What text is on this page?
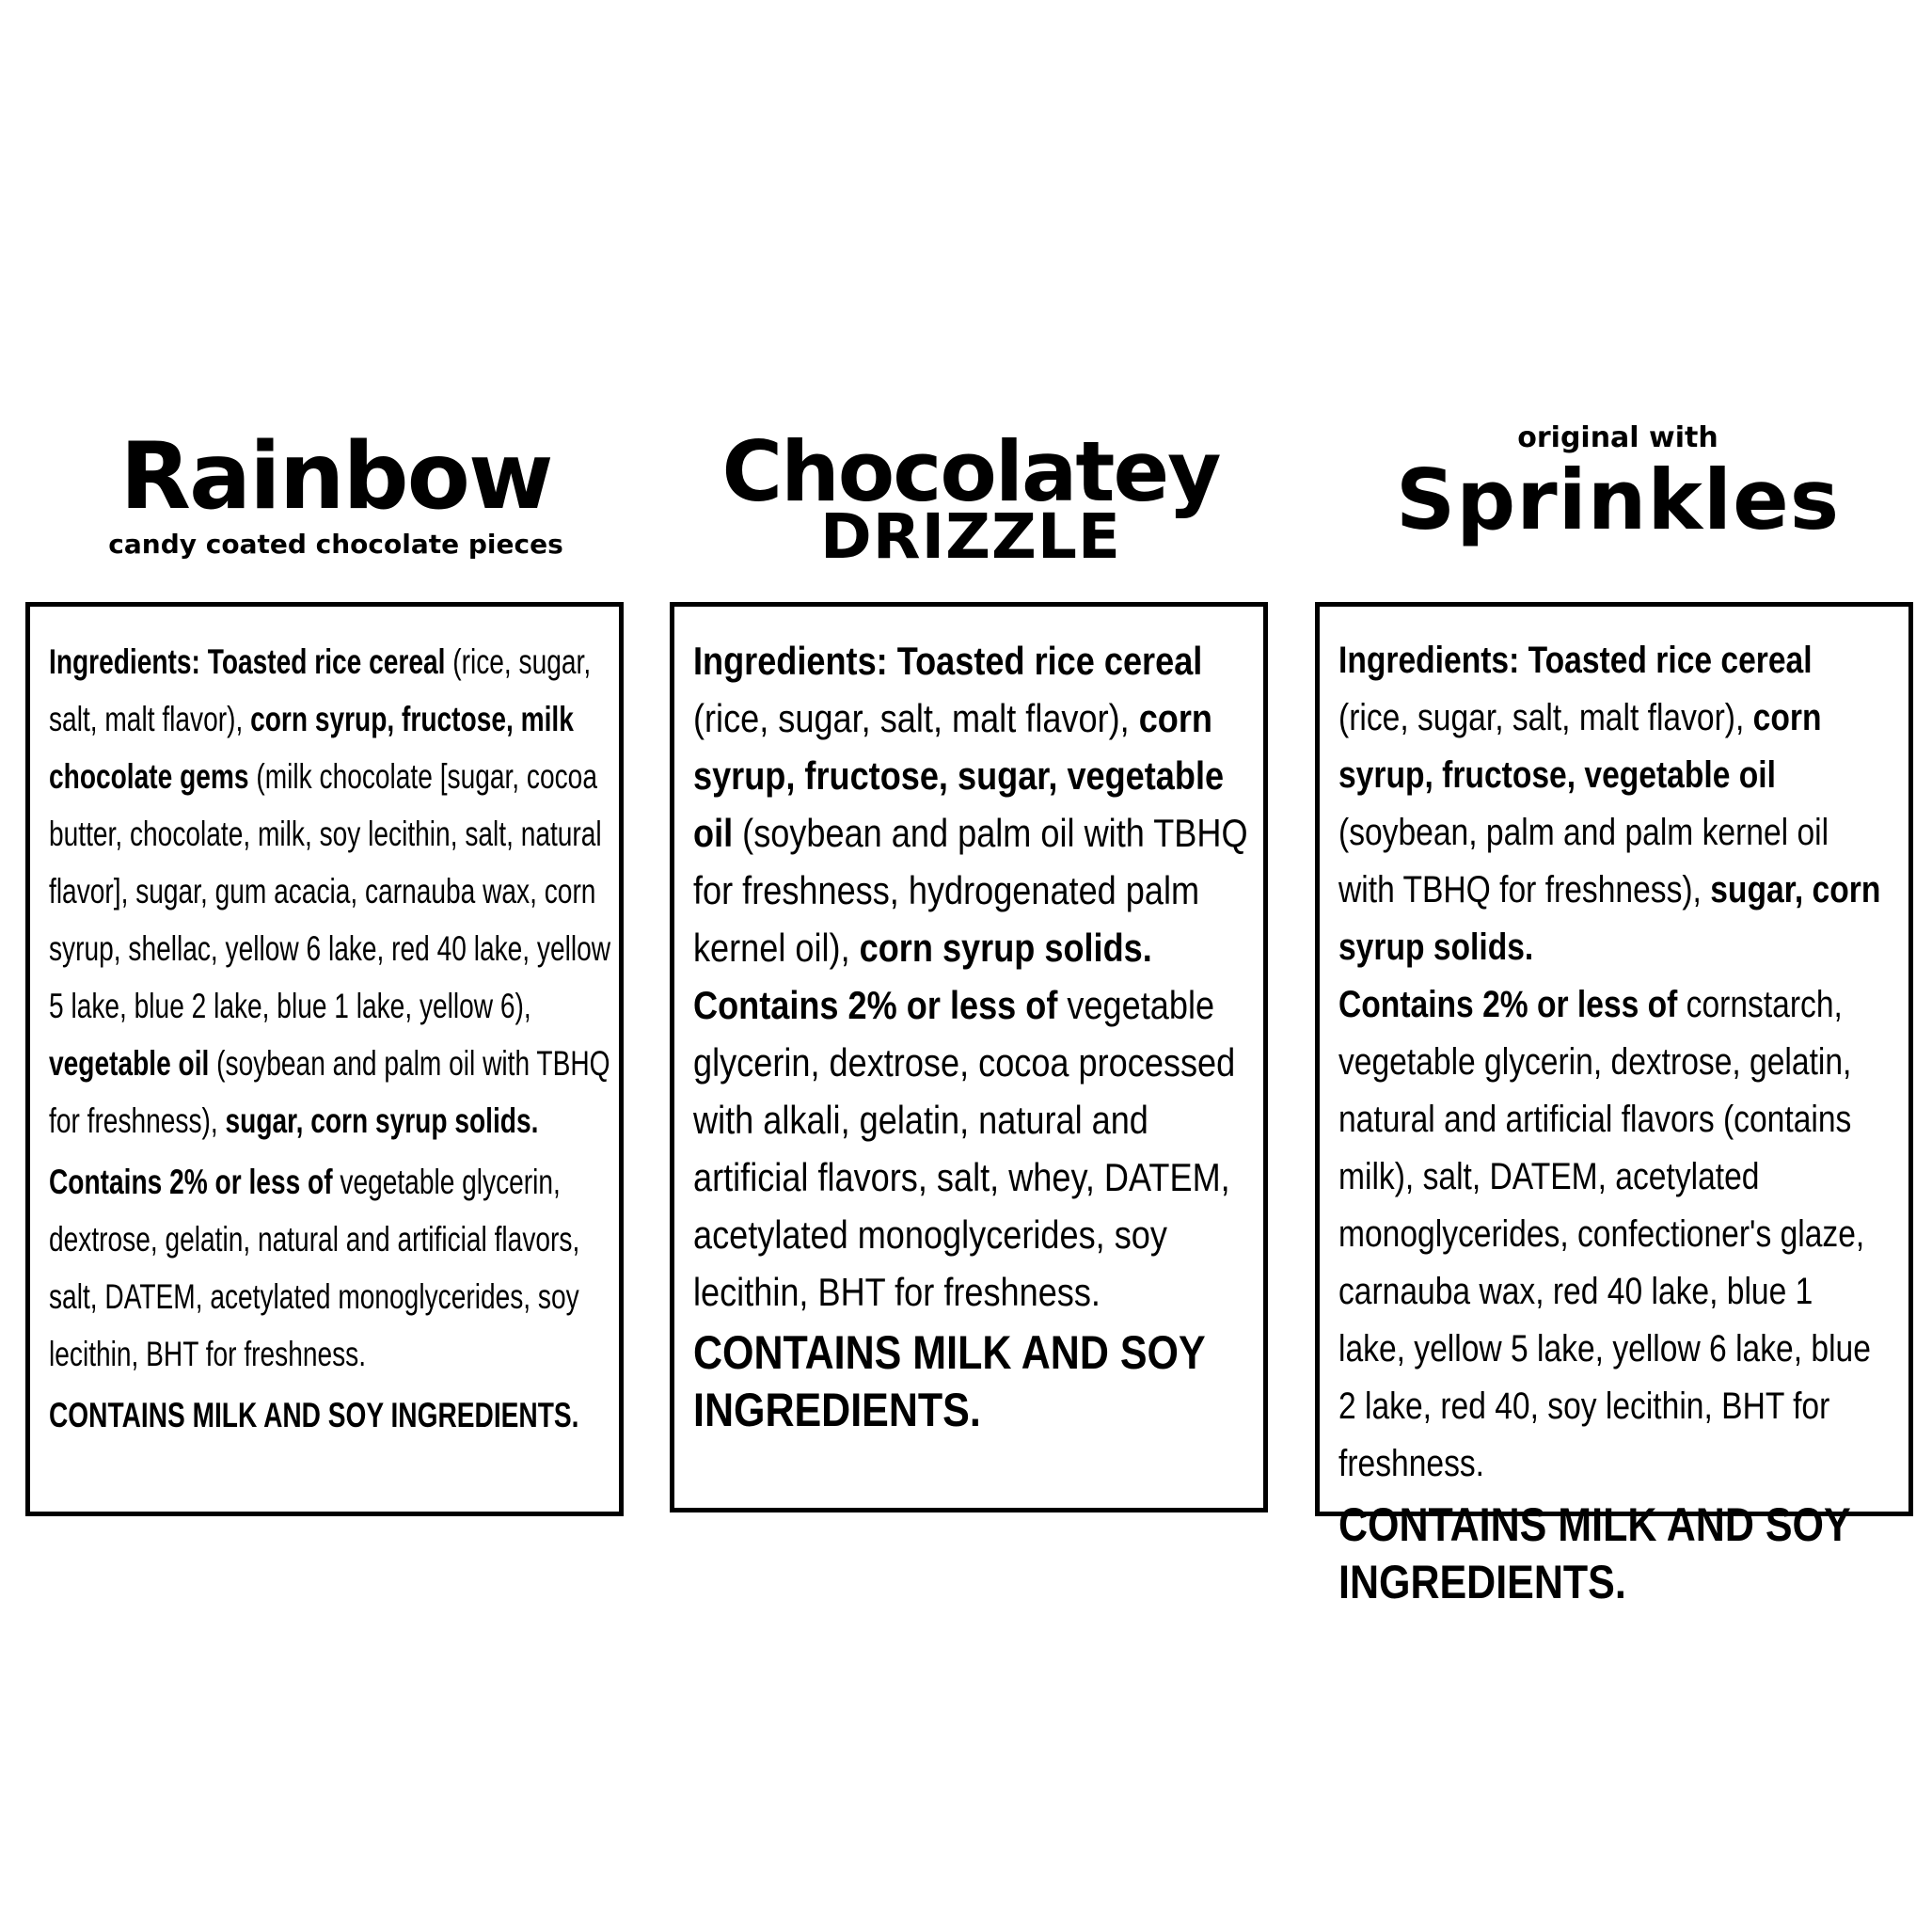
Rainbow
candy coated chocolate pieces
Chocolatey
DRIZZLE
original with
Sprinkles

Ingredients: Toasted rice cereal (rice, sugar, salt, malt flavor), corn syrup, fructose, milk chocolate gems (milk chocolate [sugar, cocoa butter, chocolate, milk, soy lecithin, salt, natural flavor], sugar, gum acacia, carnauba wax, corn syrup, shellac, yellow 6 lake, red 40 lake, yellow 5 lake, blue 2 lake, blue 1 lake, yellow 6), vegetable oil (soybean and palm oil with TBHQ for freshness), sugar, corn syrup solids.

Contains 2% or less of vegetable glycerin, dextrose, gelatin, natural and artificial flavors, salt, DATEM, acetylated monoglycerides, soy lecithin, BHT for freshness.

CONTAINS MILK AND SOY INGREDIENTS.

Ingredients: Toasted rice cereal (rice, sugar, salt, malt flavor), corn syrup, fructose, sugar, vegetable oil (soybean and palm oil with TBHQ for freshness, hydrogenated palm kernel oil), corn syrup solids.

Contains 2% or less of vegetable glycerin, dextrose, cocoa processed with alkali, gelatin, natural and artificial flavors, salt, whey, DATEM, acetylated monoglycerides, soy lecithin, BHT for freshness.

CONTAINS MILK AND SOY INGREDIENTS.

Ingredients: Toasted rice cereal (rice, sugar, salt, malt flavor), corn syrup, fructose, vegetable oil (soybean, palm and palm kernel oil with TBHQ for freshness), sugar, corn syrup solids.

Contains 2% or less of cornstarch, vegetable glycerin, dextrose, gelatin, natural and artificial flavors (contains milk), salt, DATEM, acetylated monoglycerides, confectioner's glaze, carnauba wax, red 40 lake, blue 1 lake, yellow 5 lake, yellow 6 lake, blue 2 lake, red 40, soy lecithin, BHT for freshness.

CONTAINS MILK AND SOY INGREDIENTS.
